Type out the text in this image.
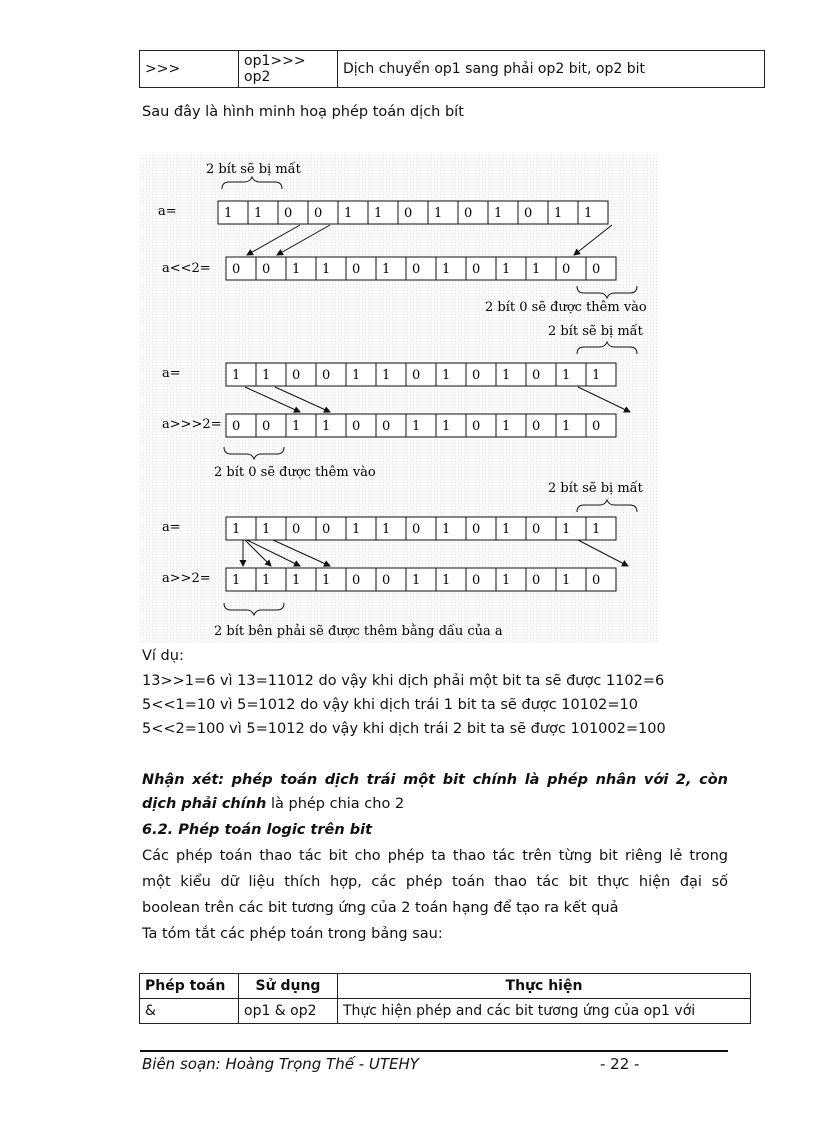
>>>	op1>>> op2	Dịch chuyển op1 sang phải op2 bit, op2 bit
Sau đây là hình minh hoạ phép toán dịch bít
2 bít sẽ bị mất
a=	1 1 0 0 1 1 0 1 0 1 0 1 1
a<<2= 0 0 1 1 0 1 0 1 0 1 1 0 0
2 bít 0 sẽ được thêm vào
2 bít sẽ bị mất
a=	1 1 0 0 1 1 0 1 0 1 0 1 1
a>>>2= 0 0 1 1 0 0 1 1 0 1 0 1 0
2 bít 0 sẽ được thêm vào
2 bít sẽ bị mất
a=	1 1 0 0 1 1 0 1 0 1 0 1 1
a>>2= 1 1 1 1 0 0 1 1 0 1 0 1 0
2 bít bên phải sẽ được thêm bằng dấu của a
Ví dụ:
13>>1=6 vì 13=11012 do vậy khi dịch phải một bit ta sẽ được 1102=6
5<<1=10 vì 5=1012 do vậy khi dịch trái 1 bit ta sẽ được 10102=10
5<<2=100 vì 5=1012 do vậy khi dịch trái 2 bit ta sẽ được 101002=100
Nhận xét: phép toán dịch trái một bit chính là phép nhân với 2, còn
dịch phải chính là phép chia cho 2
6.2. Phép toán logic trên bit
Các phép toán thao tác bit cho phép ta thao tác trên từng bit riêng lẻ trong
một kiểu dữ liệu thích hợp, các phép toán thao tác bit thực hiện đại số
boolean trên các bit tương ứng của 2 toán hạng để tạo ra kết quả
Ta tóm tắt các phép toán trong bảng sau:
Phép toán	Sử dụng	Thực hiện
&	op1 & op2	Thực hiện phép and các bit tương ứng của op1 với
Biên soạn: Hoàng Trọng Thế - UTEHY	- 22 -
